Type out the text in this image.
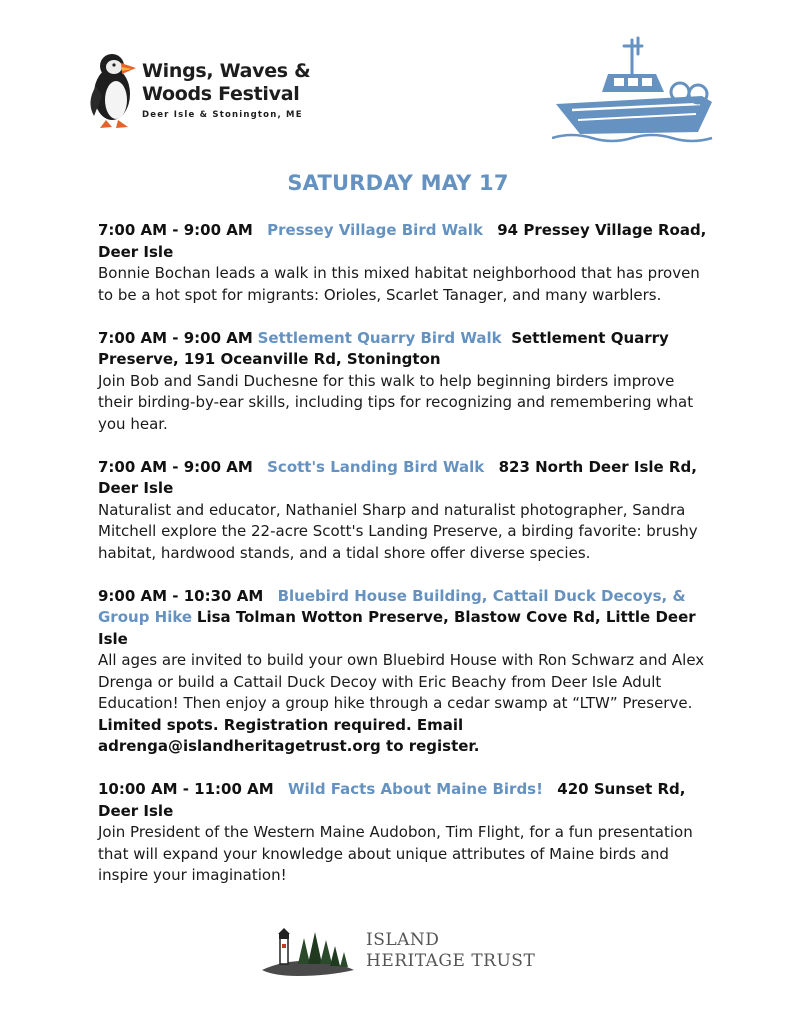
Wings, Waves &
Woods Festival
Deer Isle & Stonington, ME
SATURDAY MAY 17
7:00 AM - 9:00 AM Pressey Village Bird Walk 94 Pressey Village Road, Deer Isle
Bonnie Bochan leads a walk in this mixed habitat neighborhood that has proven to be a hot spot for migrants: Orioles, Scarlet Tanager, and many warblers.
7:00 AM - 9:00 AM Settlement Quarry Bird Walk Settlement Quarry Preserve, 191 Oceanville Rd, Stonington
Join Bob and Sandi Duchesne for this walk to help beginning birders improve their birding-by-ear skills, including tips for recognizing and remembering what you hear.
7:00 AM - 9:00 AM Scott's Landing Bird Walk 823 North Deer Isle Rd, Deer Isle
Naturalist and educator, Nathaniel Sharp and naturalist photographer, Sandra Mitchell explore the 22-acre Scott's Landing Preserve, a birding favorite: brushy habitat, hardwood stands, and a tidal shore offer diverse species.
9:00 AM - 10:30 AM Bluebird House Building, Cattail Duck Decoys, & Group Hike Lisa Tolman Wotton Preserve, Blastow Cove Rd, Little Deer Isle
All ages are invited to build your own Bluebird House with Ron Schwarz and Alex Drenga or build a Cattail Duck Decoy with Eric Beachy from Deer Isle Adult Education! Then enjoy a group hike through a cedar swamp at “LTW” Preserve.
Limited spots. Registration required. Email adrenga@islandheritagetrust.org to register.
10:00 AM - 11:00 AM Wild Facts About Maine Birds! 420 Sunset Rd, Deer Isle
Join President of the Western Maine Audobon, Tim Flight, for a fun presentation that will expand your knowledge about unique attributes of Maine birds and inspire your imagination!
ISLAND
HERITAGE TRUST
